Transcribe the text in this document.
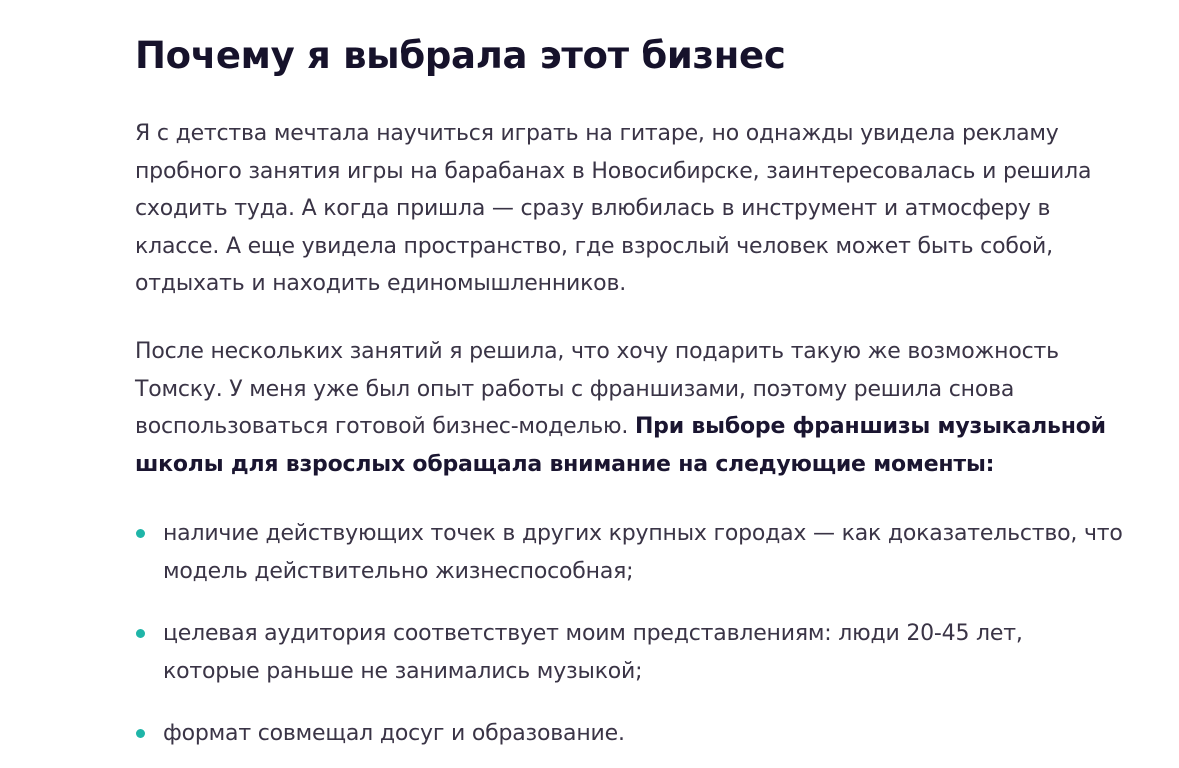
Почему я выбрала этот бизнес

Я с детства мечтала научиться играть на гитаре, но однажды увидела рекламу пробного занятия игры на барабанах в Новосибирске, заинтересовалась и решила сходить туда. А когда пришла — сразу влюбилась в инструмент и атмосферу в классе. А еще увидела пространство, где взрослый человек может быть собой, отдыхать и находить единомышленников.

После нескольких занятий я решила, что хочу подарить такую же возможность Томску. У меня уже был опыт работы с франшизами, поэтому решила снова воспользоваться готовой бизнес-моделью. При выборе франшизы музыкальной школы для взрослых обращала внимание на следующие моменты:

наличие действующих точек в других крупных городах — как доказательство, что модель действительно жизнеспособная;

целевая аудитория соответствует моим представлениям: люди 20-45 лет, которые раньше не занимались музыкой;

формат совмещал досуг и образование.
